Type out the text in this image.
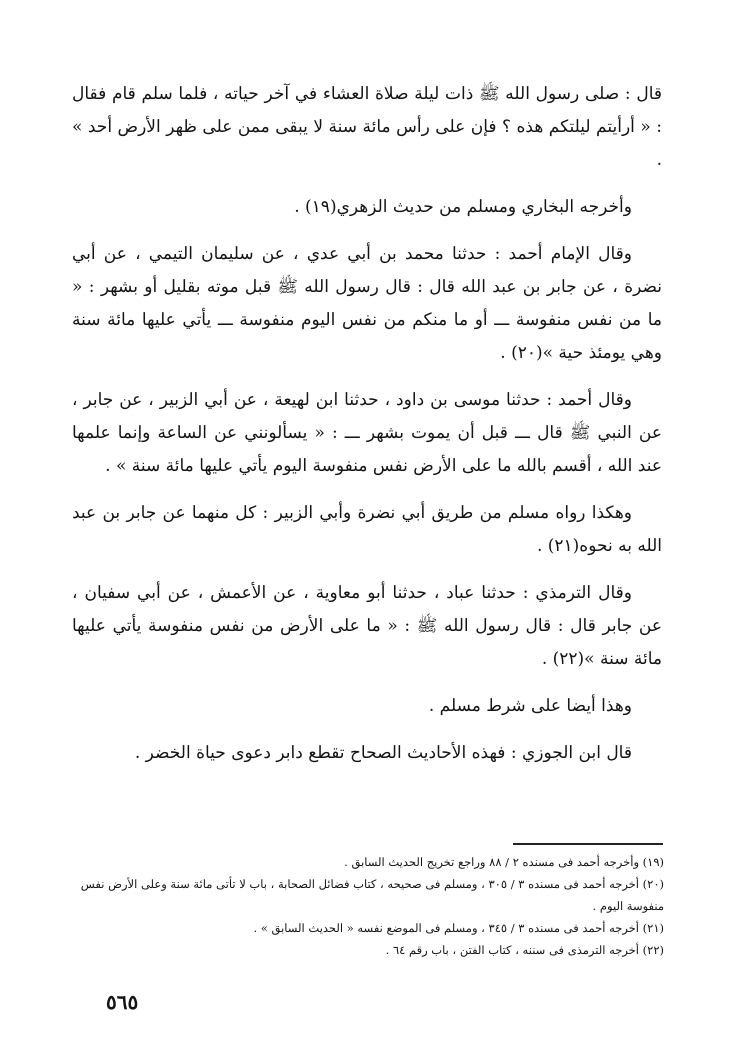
قال : صلى رسول الله ﷺ ذات ليلة صلاة العشاء في آخر حياته ، فلما سلم قام فقال : « أرأيتم ليلتكم هذه ؟ فإن على رأس مائة سنة لا يبقى ممن على ظهر الأرض أحد » .

وأخرجه البخاري ومسلم من حديث الزهري(١٩) .

وقال الإمام أحمد : حدثنا محمد بن أبي عدي ، عن سليمان التيمي ، عن أبي نضرة ، عن جابر بن عبد الله قال : قال رسول الله ﷺ قبل موته بقليل أو بشهر : « ما من نفس منفوسة ـــ أو ما منكم من نفس اليوم منفوسة ـــ يأتي عليها مائة سنة وهي يومئذ حية »(٢٠) .

وقال أحمد : حدثنا موسى بن داود ، حدثنا ابن لهيعة ، عن أبي الزبير ، عن جابر ، عن النبي ﷺ قال ـــ قبل أن يموت بشهر ـــ : « يسألونني عن الساعة وإنما علمها عند الله ، أقسم بالله ما على الأرض نفس منفوسة اليوم يأتي عليها مائة سنة » .

وهكذا رواه مسلم من طريق أبي نضرة وأبي الزبير : كل منهما عن جابر بن عبد الله به نحوه(٢١) .

وقال الترمذي : حدثنا عباد ، حدثنا أبو معاوية ، عن الأعمش ، عن أبي سفيان ، عن جابر قال : قال رسول الله ﷺ : « ما على الأرض من نفس منفوسة يأتي عليها مائة سنة »(٢٢) .

وهذا أيضا على شرط مسلم .

قال ابن الجوزي : فهذه الأحاديث الصحاح تقطع دابر دعوى حياة الخضر .

(١٩) وأخرجه أحمد فى مسنده ٢ / ٨٨ وراجع تخريج الحديث السابق .
(٢٠) أخرجه أحمد فى مسنده ٣ / ٣٠٥ ، ومسلم فى صحيحه ، كتاب فضائل الصحابة ، باب لا تأتى مائة سنة وعلى الأرض نفس منفوسة اليوم .
(٢١) أخرجه أحمد فى مسنده ٣ / ٣٤٥ ، ومسلم فى الموضع نفسه « الحديث السابق » .
(٢٢) أخرجه الترمذى فى سننه ، كتاب الفتن ، باب رقم ٦٤ .
٥٦٥
